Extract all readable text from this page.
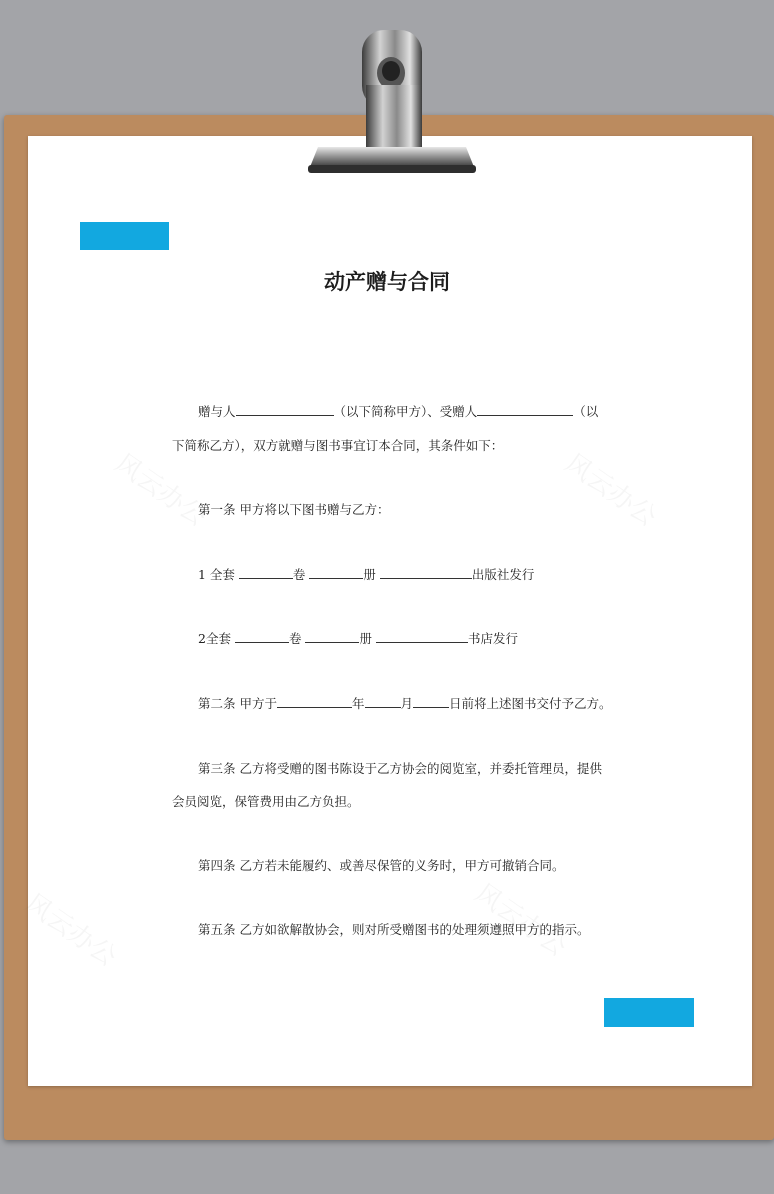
风云办公	风云办公
风云办公	风云办公
动产赠与合同

赠与人	（以下简称甲方）、受赠人	（以

下简称乙方），双方就赠与图书事宜订本合同，其条件如下：

第一条 甲方将以下图书赠与乙方：

1 全套	卷	册	出版社发行

2全套	卷	册	书店发行

第二条 甲方于	年	月	日前将上述图书交付予乙方。

第三条 乙方将受赠的图书陈设于乙方协会的阅览室，并委托管理员，提供

会员阅览，保管费用由乙方负担。

第四条 乙方若未能履约、或善尽保管的义务时，甲方可撤销合同。

第五条 乙方如欲解散协会，则对所受赠图书的处理须遵照甲方的指示。
